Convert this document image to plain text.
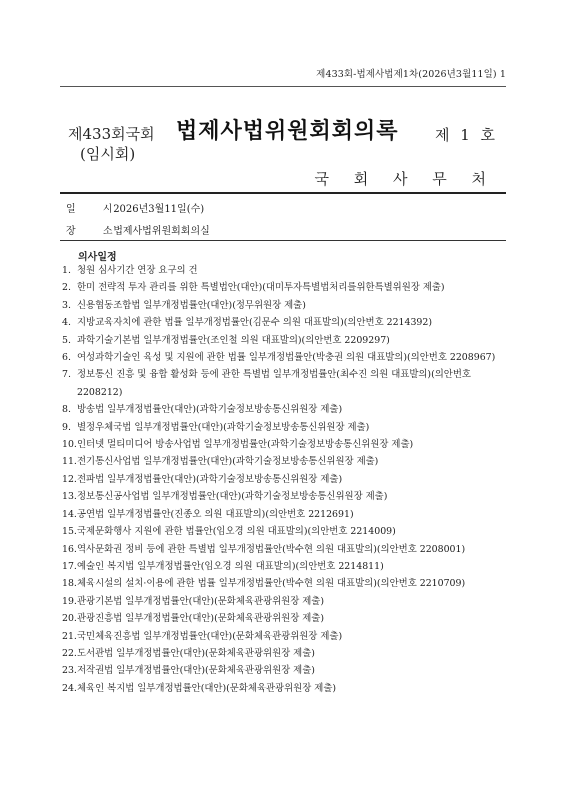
제433회-법제사법제1차(2026년3월11일) 1
제433회국회
(임시회)
법제사법위원회회의록 제 1 호
국 회 사 무 처
일 시 2026년3월11일(수)
장 소 법제사법위원회회의실
의사일정
1. 청원 심사기간 연장 요구의 건
2. 한미 전략적 투자 관리를 위한 특별법안(대안)(대미투자특별법처리를위한특별위원장 제출)
3. 신용협동조합법 일부개정법률안(대안)(정무위원장 제출)
4. 지방교육자치에 관한 법률 일부개정법률안(김문수 의원 대표발의)(의안번호 2214392)
5. 과학기술기본법 일부개정법률안(조인철 의원 대표발의)(의안번호 2209297)
6. 여성과학기술인 육성 및 지원에 관한 법률 일부개정법률안(박충권 의원 대표발의)(의안번호 2208967)
7. 정보통신 진흥 및 융합 활성화 등에 관한 특별법 일부개정법률안(최수진 의원 대표발의)(의안번호 2208212)
8. 방송법 일부개정법률안(대안)(과학기술정보방송통신위원장 제출)
9. 별정우체국법 일부개정법률안(대안)(과학기술정보방송통신위원장 제출)
10. 인터넷 멀티미디어 방송사업법 일부개정법률안(과학기술정보방송통신위원장 제출)
11. 전기통신사업법 일부개정법률안(대안)(과학기술정보방송통신위원장 제출)
12. 전파법 일부개정법률안(대안)(과학기술정보방송통신위원장 제출)
13. 정보통신공사업법 일부개정법률안(대안)(과학기술정보방송통신위원장 제출)
14. 공연법 일부개정법률안(진종오 의원 대표발의)(의안번호 2212691)
15. 국제문화행사 지원에 관한 법률안(임오경 의원 대표발의)(의안번호 2214009)
16. 역사문화권 정비 등에 관한 특별법 일부개정법률안(박수현 의원 대표발의)(의안번호 2208001)
17. 예술인 복지법 일부개정법률안(임오경 의원 대표발의)(의안번호 2214811)
18. 체육시설의 설치·이용에 관한 법률 일부개정법률안(박수현 의원 대표발의)(의안번호 2210709)
19. 관광기본법 일부개정법률안(대안)(문화체육관광위원장 제출)
20. 관광진흥법 일부개정법률안(대안)(문화체육관광위원장 제출)
21. 국민체육진흥법 일부개정법률안(대안)(문화체육관광위원장 제출)
22. 도서관법 일부개정법률안(대안)(문화체육관광위원장 제출)
23. 저작권법 일부개정법률안(대안)(문화체육관광위원장 제출)
24. 체육인 복지법 일부개정법률안(대안)(문화체육관광위원장 제출)
